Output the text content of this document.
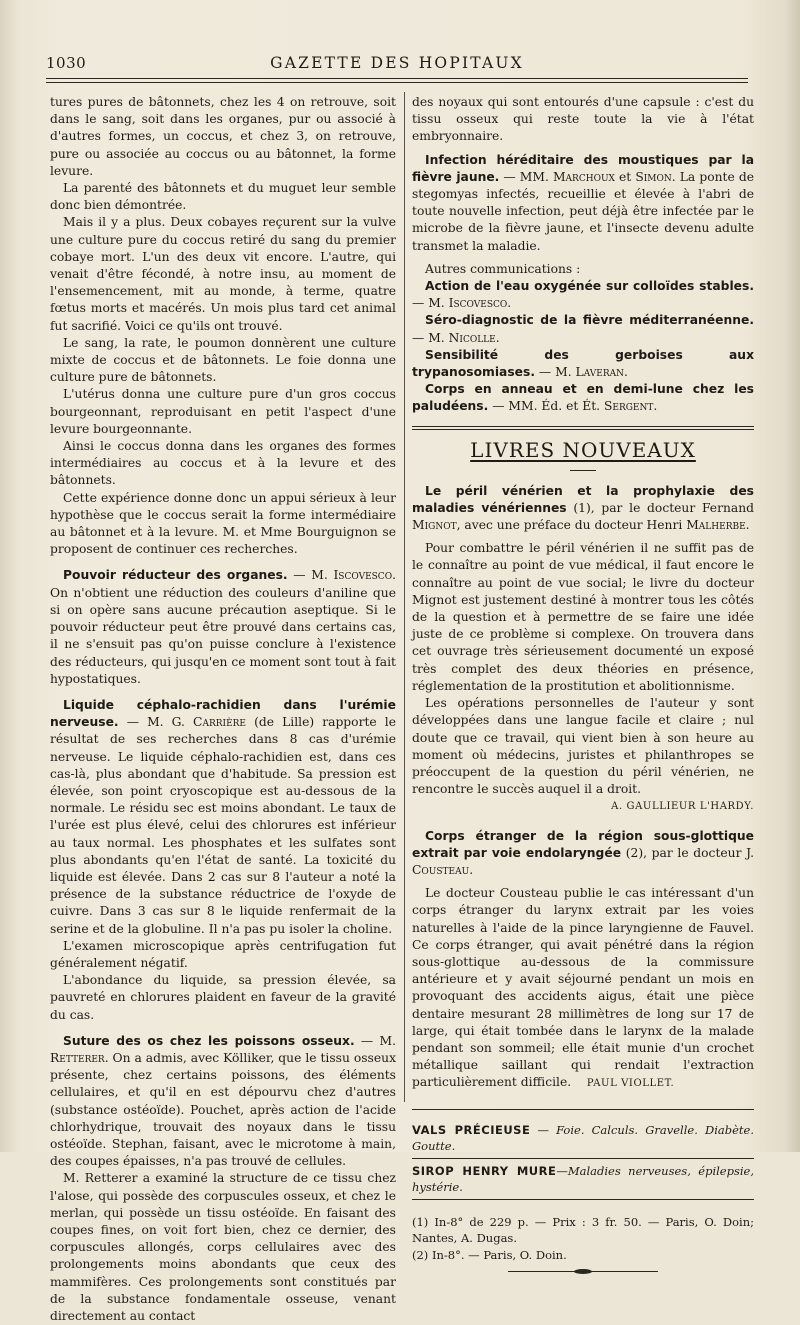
1030	GAZETTE DES HOPITAUX

tures pures de bâtonnets, chez les 4 on retrouve, soit dans le sang, soit dans les organes, pur ou associé à d'autres formes, un coccus, et chez 3, on retrouve, pure ou associée au coccus ou au bâtonnet, la forme levure.

La parenté des bâtonnets et du muguet leur semble donc bien démontrée.

Mais il y a plus. Deux cobayes reçurent sur la vulve une culture pure du coccus retiré du sang du premier cobaye mort. L'un des deux vit encore. L'autre, qui venait d'être fécondé, à notre insu, au moment de l'ensemencement, mit au monde, à terme, quatre fœtus morts et macérés. Un mois plus tard cet animal fut sacrifié. Voici ce qu'ils ont trouvé.

Le sang, la rate, le poumon donnèrent une culture mixte de coccus et de bâtonnets. Le foie donna une culture pure de bâtonnets.

L'utérus donna une culture pure d'un gros coccus bourgeonnant, reproduisant en petit l'aspect d'une levure bourgeonnante.

Ainsi le coccus donna dans les organes des formes intermédiaires au coccus et à la levure et des bâtonnets.

Cette expérience donne donc un appui sérieux à leur hypothèse que le coccus serait la forme intermédiaire au bâtonnet et à la levure. M. et Mme Bourguignon se proposent de continuer ces recherches.

Pouvoir réducteur des organes. — M. Iscovesco. On n'obtient une réduction des couleurs d'aniline que si on opère sans aucune précaution aseptique. Si le pouvoir réducteur peut être prouvé dans certains cas, il ne s'ensuit pas qu'on puisse conclure à l'existence des réducteurs, qui jusqu'en ce moment sont tout à fait hypostatiques.

Liquide céphalo-rachidien dans l'urémie nerveuse. — M. G. Carrière (de Lille) rapporte le résultat de ses recherches dans 8 cas d'urémie nerveuse. Le liquide céphalo-rachidien est, dans ces cas-là, plus abondant que d'habitude. Sa pression est élevée, son point cryoscopique est au-dessous de la normale. Le résidu sec est moins abondant. Le taux de l'urée est plus élevé, celui des chlorures est inférieur au taux normal. Les phosphates et les sulfates sont plus abondants qu'en l'état de santé. La toxicité du liquide est élevée. Dans 2 cas sur 8 l'auteur a noté la présence de la substance réductrice de l'oxyde de cuivre. Dans 3 cas sur 8 le liquide renfermait de la serine et de la globuline. Il n'a pas pu isoler la choline.

L'examen microscopique après centrifugation fut généralement négatif.

L'abondance du liquide, sa pression élevée, sa pauvreté en chlorures plaident en faveur de la gravité du cas.

Suture des os chez les poissons osseux. — M. Retterer. On a admis, avec Kölliker, que le tissu osseux présente, chez certains poissons, des éléments cellulaires, et qu'il en est dépourvu chez d'autres (substance ostéoïde). Pouchet, après action de l'acide chlorhydrique, trouvait des noyaux dans le tissu ostéoïde. Stephan, faisant, avec le microtome à main, des coupes épaisses, n'a pas trouvé de cellules.

M. Retterer a examiné la structure de ce tissu chez l'alose, qui possède des corpuscules osseux, et chez le merlan, qui possède un tissu ostéoïde. En faisant des coupes fines, on voit fort bien, chez ce dernier, des corpuscules allongés, corps cellulaires avec des prolongements moins abondants que ceux des mammifères. Ces prolongements sont constitués par de la substance fondamentale osseuse, venant directement au contact

des noyaux qui sont entourés d'une capsule : c'est du tissu osseux qui reste toute la vie à l'état embryonnaire.

Infection héréditaire des moustiques par la fièvre jaune. — MM. Marchoux et Simon. La ponte de stegomyas infectés, recueillie et élevée à l'abri de toute nouvelle infection, peut déjà être infectée par le microbe de la fièvre jaune, et l'insecte devenu adulte transmet la maladie.

Autres communications :

Action de l'eau oxygénée sur colloïdes stables. — M. Iscovesco.

Séro-diagnostic de la fièvre méditerranéenne. — M. Nicolle.

Sensibilité des gerboises aux trypanosomiases. — M. Laveran.

Corps en anneau et en demi-lune chez les paludéens. — MM. Éd. et Ét. Sergent.

LIVRES NOUVEAUX

Le péril vénérien et la prophylaxie des maladies vénériennes (1), par le docteur Fernand Mignot, avec une préface du docteur Henri Malherbe.

Pour combattre le péril vénérien il ne suffit pas de le connaître au point de vue médical, il faut encore le connaître au point de vue social; le livre du docteur Mignot est justement destiné à montrer tous les côtés de la question et à permettre de se faire une idée juste de ce problème si complexe. On trouvera dans cet ouvrage très sérieusement documenté un exposé très complet des deux théories en présence, réglementation de la prostitution et abolitionnisme.

Les opérations personnelles de l'auteur y sont développées dans une langue facile et claire ; nul doute que ce travail, qui vient bien à son heure au moment où médecins, juristes et philanthropes se préoccupent de la question du péril vénérien, ne rencontre le succès auquel il a droit.

A. GAULLIEUR L'HARDY.

Corps étranger de la région sous-glottique extrait par voie endolaryngée (2), par le docteur J. Cousteau.

Le docteur Cousteau publie le cas intéressant d'un corps étranger du larynx extrait par les voies naturelles à l'aide de la pince laryngienne de Fauvel. Ce corps étranger, qui avait pénétré dans la région sous-glottique au-dessous de la commissure antérieure et y avait séjourné pendant un mois en provoquant des accidents aigus, était une pièce dentaire mesurant 28 millimètres de long sur 17 de large, qui était tombée dans le larynx de la malade pendant son sommeil; elle était munie d'un crochet métallique saillant qui rendait l'extraction particulièrement difficile. PAUL VIOLLET.

VALS PRÉCIEUSE — Foie. Calculs. Gravelle. Diabète. Goutte.

SIROP HENRY MURE—Maladies nerveuses, épilepsie, hystérie.

(1) In-8° de 229 p. — Prix : 3 fr. 50. — Paris, O. Doin; Nantes, A. Dugas.

(2) In-8°. — Paris, O. Doin.
